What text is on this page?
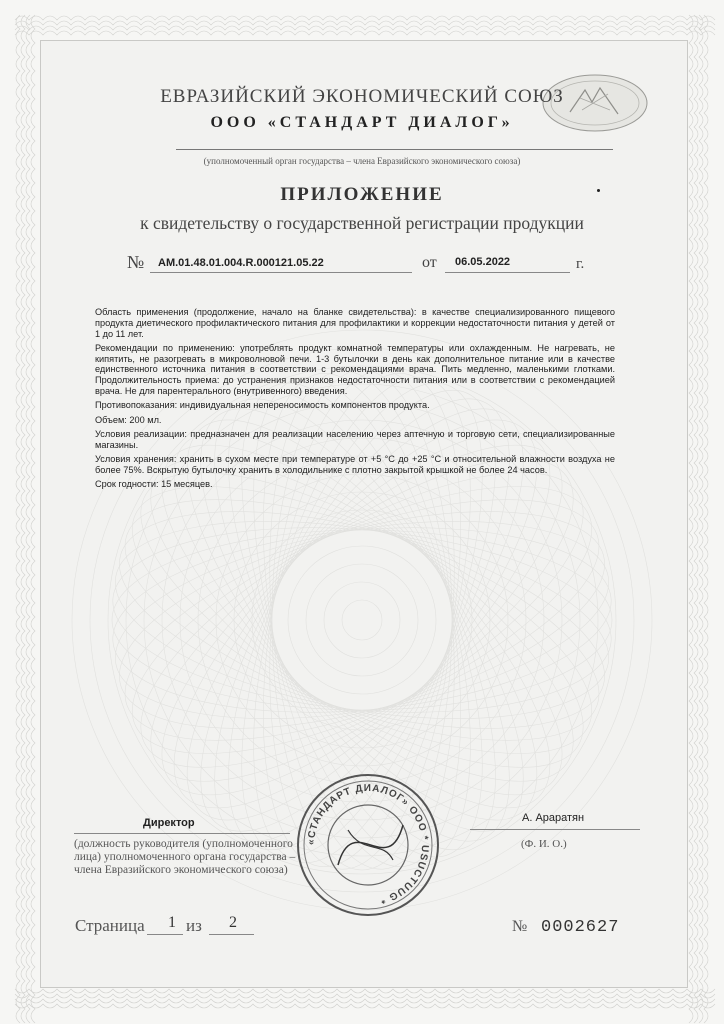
ЕВРАЗИЙСКИЙ ЭКОНОМИЧЕСКИЙ СОЮЗ
ООО «СТАНДАРТ ДИАЛОГ»
(уполномоченный орган государства – члена Евразийского экономического союза)
ПРИЛОЖЕНИЕ
к свидетельству о государственной регистрации продукции
№ AM.01.48.01.004.R.000121.05.22	от 06.05.2022	г.

Область применения (продолжение, начало на бланке свидетельства): в качестве специализированного пищевого продукта диетического профилактического питания для профилактики и коррекции недостаточности питания у детей от 1 до 11 лет.

Рекомендации по применению: употреблять продукт комнатной температуры или охлажденным. Не нагревать, не кипятить, не разогревать в микроволновой печи. 1-3 бутылочки в день как дополнительное питание или в качестве единственного источника питания в соответствии с рекомендациями врача. Пить медленно, маленькими глотками. Продолжительность приема: до устранения признаков недостаточности питания или в соответствии с рекомендацией врача. Не для парентерального (внутривенного) введения.

Противопоказания: индивидуальная непереносимость компонентов продукта.

Объем: 200 мл.

Условия реализации: предназначен для реализации населению через аптечную и торговую сети, специализированные магазины.

Условия хранения: хранить в сухом месте при температуре от +5 °С до +25 °С и относительной влажности воздуха не более 75%. Вскрытую бутылочку хранить в холодильнике с плотно закрытой крышкой не более 24 часов.

Срок годности: 15 месяцев.

Директор	А. Араратян
(должность руководителя (уполномоченного лица) уполномоченного органа государства – члена Евразийского экономического союза)
(Ф. И. О.)
«СТАНДАРТ ДИАЛОГ» ООО * USUCTUUG *
Страница 1 из 2	№ 0002627
